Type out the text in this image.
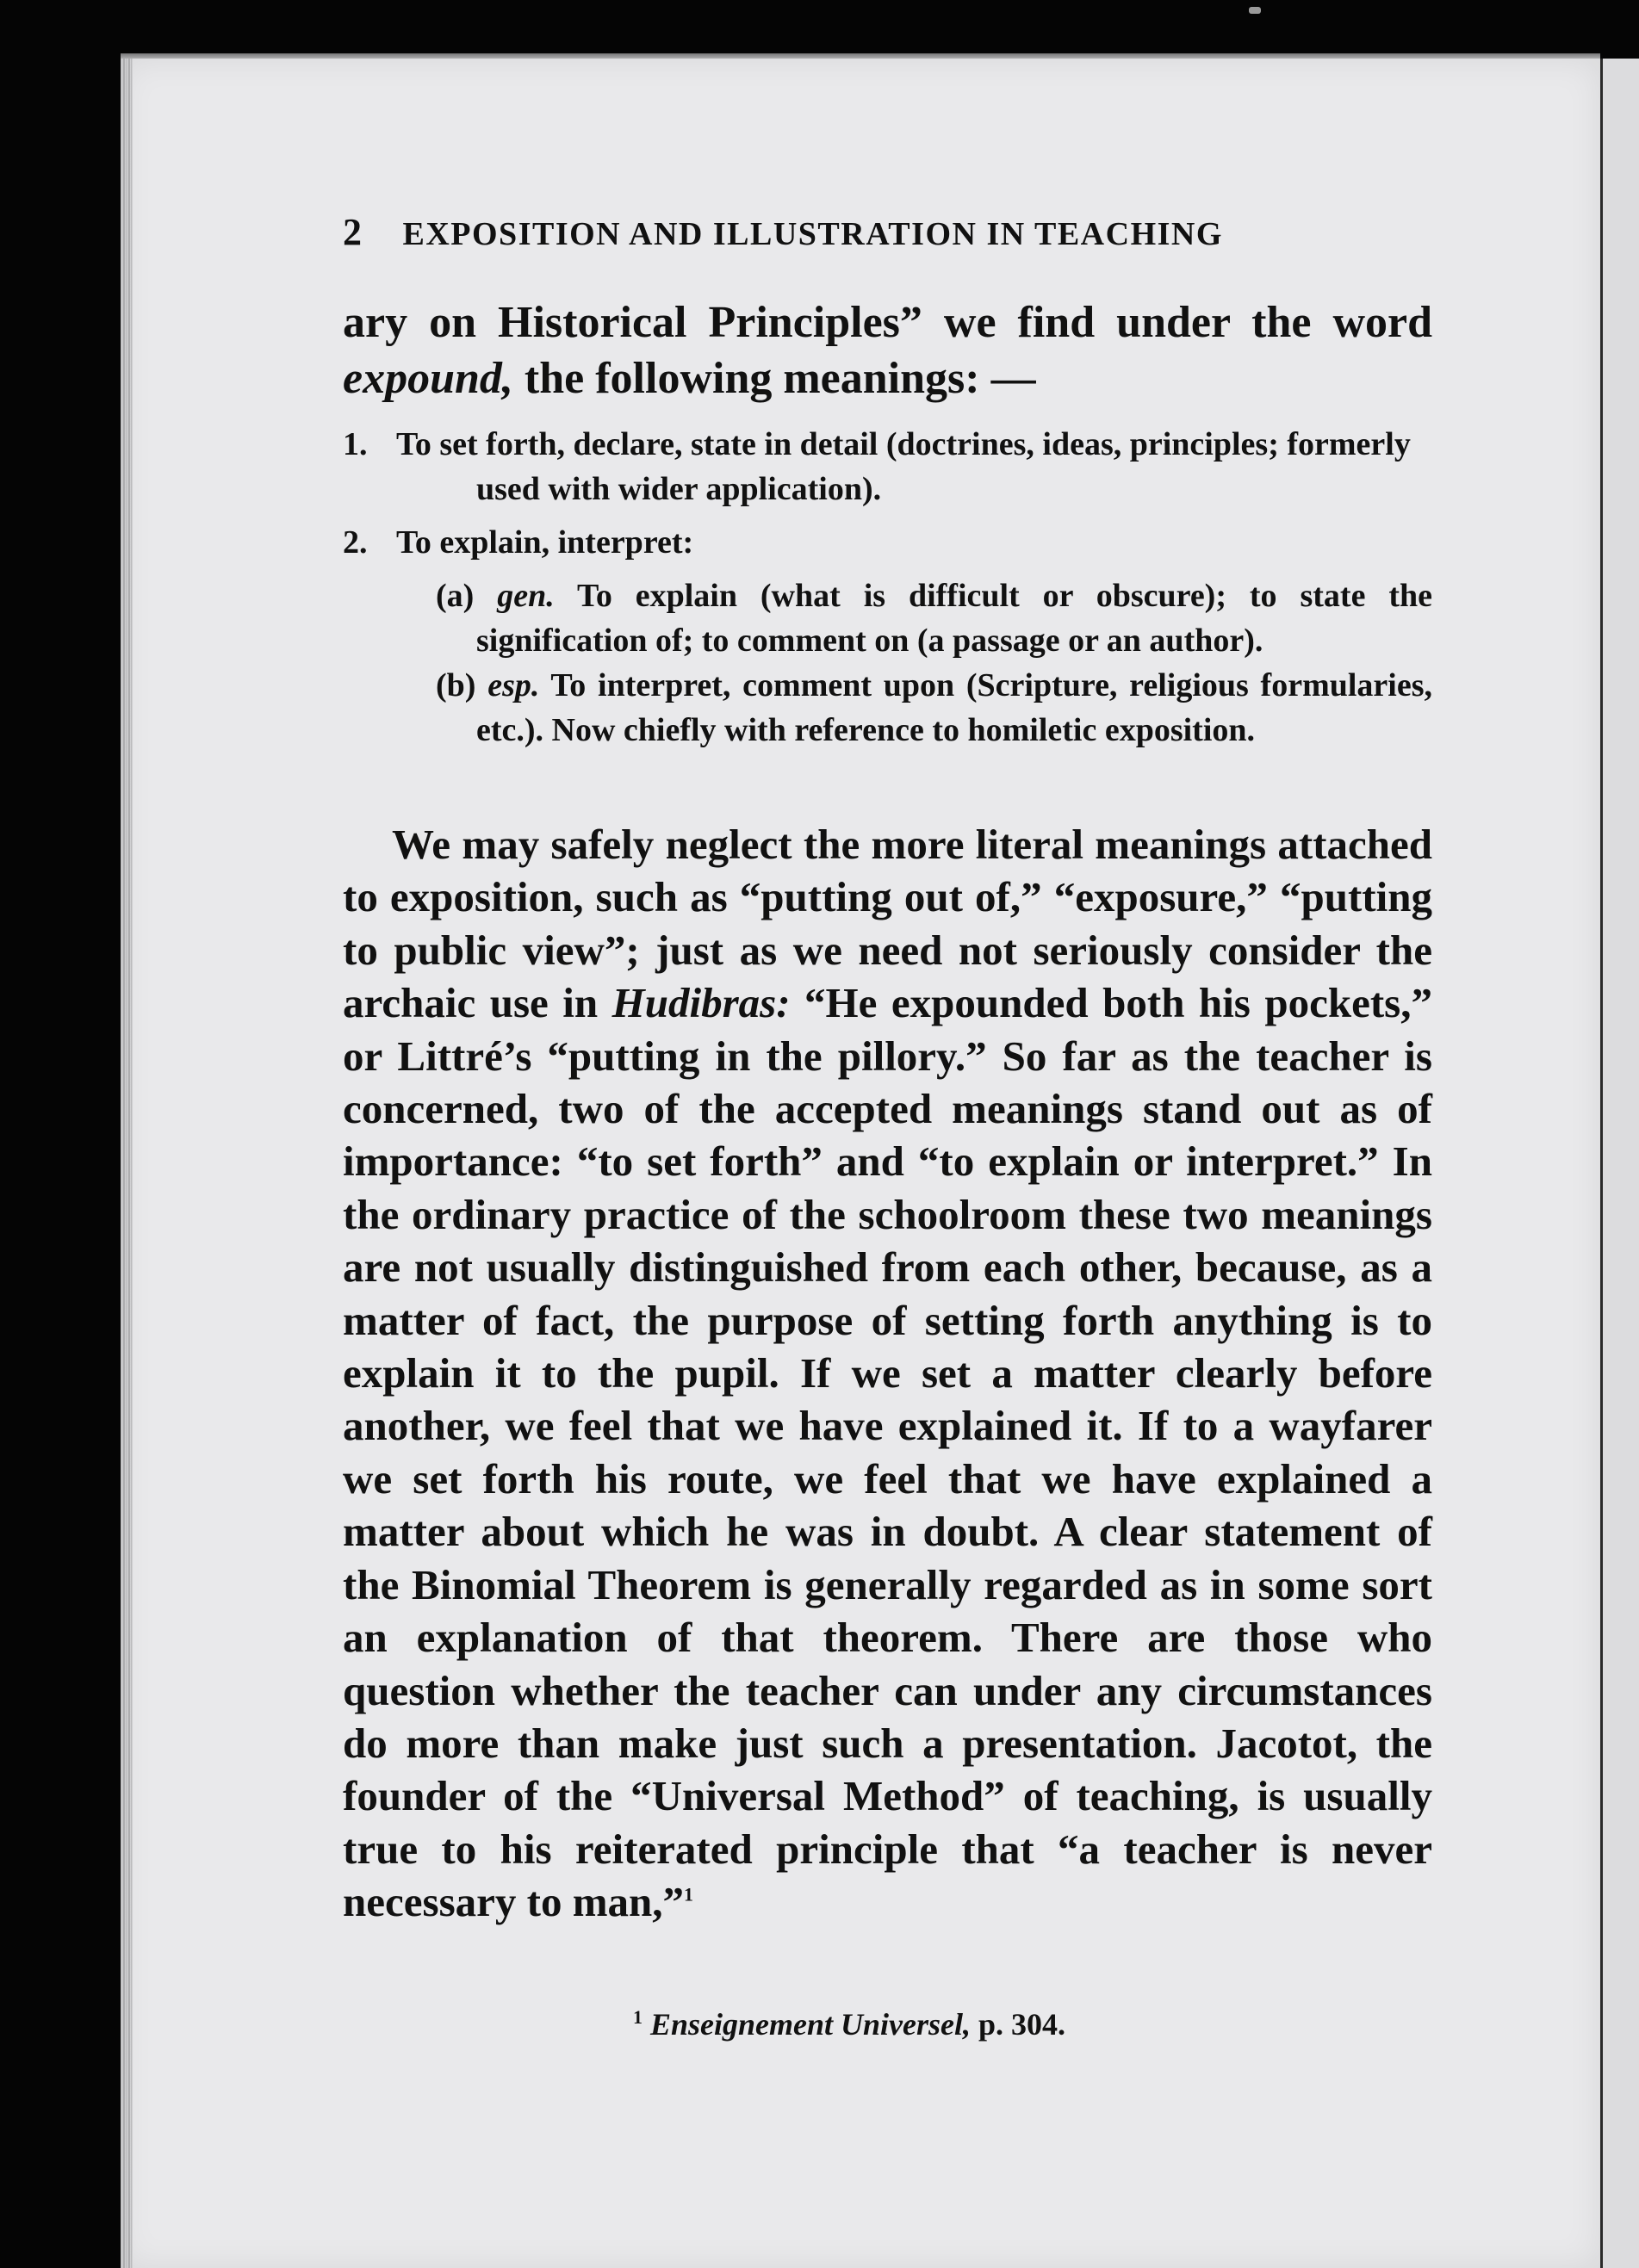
2 EXPOSITION AND ILLUSTRATION IN TEACHING
ary on Historical Principles” we find under the word expound, the following meanings: —
1. To set forth, declare, state in detail (doctrines, ideas, principles; formerly used with wider application).
2. To explain, interpret:
(a) gen. To explain (what is difficult or obscure); to state the signification of; to comment on (a passage or an author).
(b) esp. To interpret, comment upon (Scripture, religious formularies, etc.). Now chiefly with reference to homiletic exposition.
We may safely neglect the more literal meanings attached to exposition, such as “putting out of,” “exposure,” “putting to public view”; just as we need not seriously consider the archaic use in Hudibras: “He expounded both his pockets,” or Littré’s “putting in the pillory.” So far as the teacher is concerned, two of the accepted meanings stand out as of importance: “to set forth” and “to explain or interpret.” In the ordinary practice of the schoolroom these two meanings are not usually distinguished from each other, because, as a matter of fact, the purpose of setting forth anything is to explain it to the pupil. If we set a matter clearly before another, we feel that we have explained it. If to a wayfarer we set forth his route, we feel that we have explained a matter about which he was in doubt. A clear statement of the Binomial Theorem is generally regarded as in some sort an explanation of that theorem. There are those who question whether the teacher can under any circumstances do more than make just such a presentation. Jacotot, the founder of the “Universal Method” of teaching, is usually true to his reiterated principle that “a teacher is never necessary to man,”$^1$
$^1$ Enseignement Universel, p. 304.
